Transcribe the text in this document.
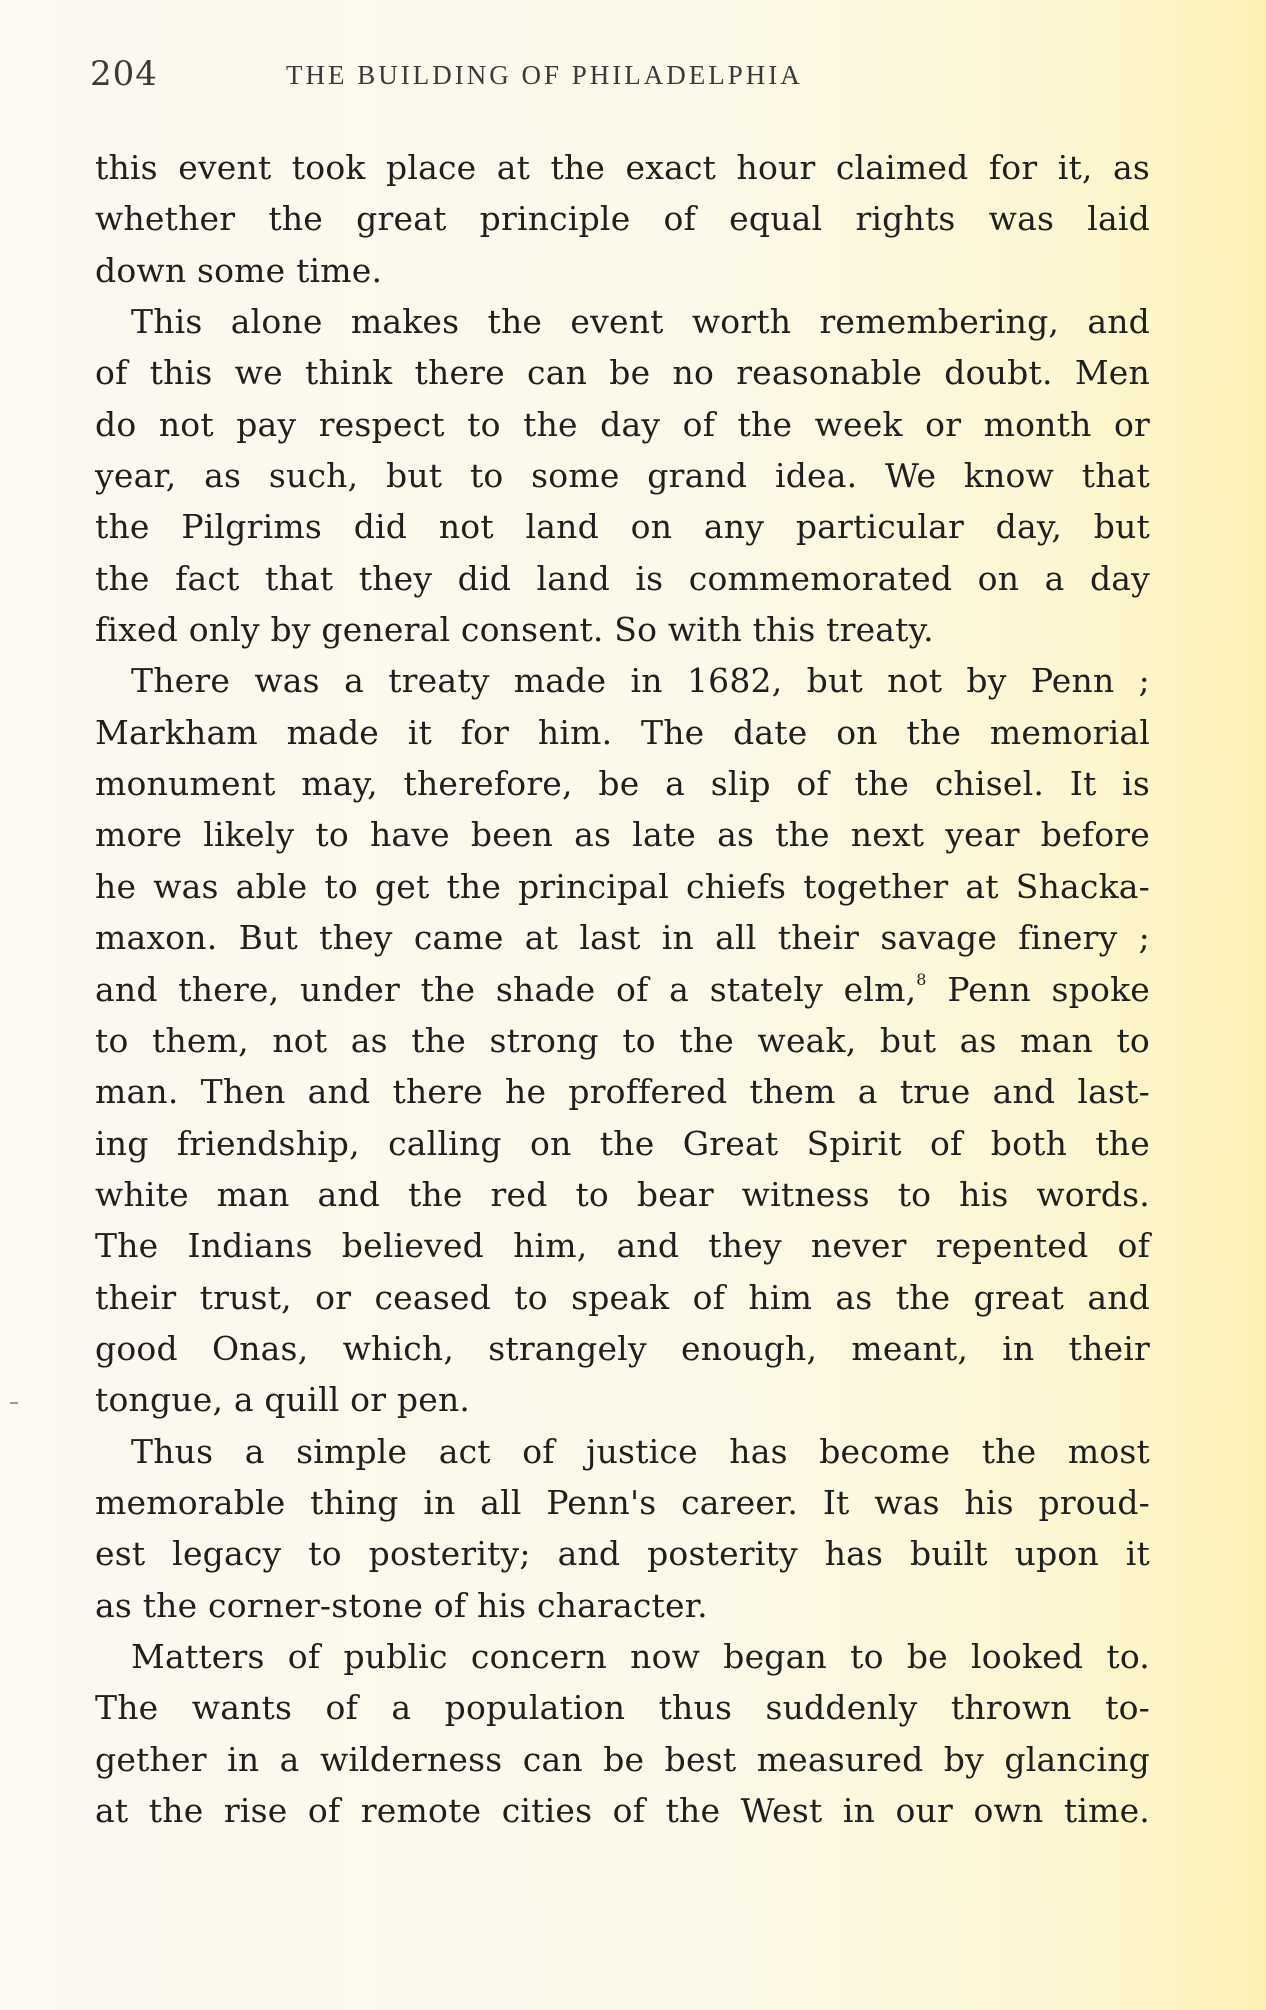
204	THE BUILDING OF PHILADELPHIA
this event took place at the exact hour claimed for it, as
whether the great principle of equal rights was laid
down some time.
This alone makes the event worth remembering, and
of this we think there can be no reasonable doubt. Men
do not pay respect to the day of the week or month or
year, as such, but to some grand idea. We know that
the Pilgrims did not land on any particular day, but
the fact that they did land is commemorated on a day
fixed only by general consent. So with this treaty.
There was a treaty made in 1682, but not by Penn ;
Markham made it for him. The date on the memorial
monument may, therefore, be a slip of the chisel. It is
more likely to have been as late as the next year before
he was able to get the principal chiefs together at Shacka-
maxon. But they came at last in all their savage finery ;
and there, under the shade of a stately elm,$^8$ Penn spoke
to them, not as the strong to the weak, but as man to
man. Then and there he proffered them a true and last-
ing friendship, calling on the Great Spirit of both the
white man and the red to bear witness to his words.
The Indians believed him, and they never repented of
their trust, or ceased to speak of him as the great and
good Onas, which, strangely enough, meant, in their
tongue, a quill or pen.
Thus a simple act of justice has become the most
memorable thing in all Penn's career. It was his proud-
est legacy to posterity; and posterity has built upon it
as the corner-stone of his character.
Matters of public concern now began to be looked to.
The wants of a population thus suddenly thrown to-
gether in a wilderness can be best measured by glancing
at the rise of remote cities of the West in our own time.
